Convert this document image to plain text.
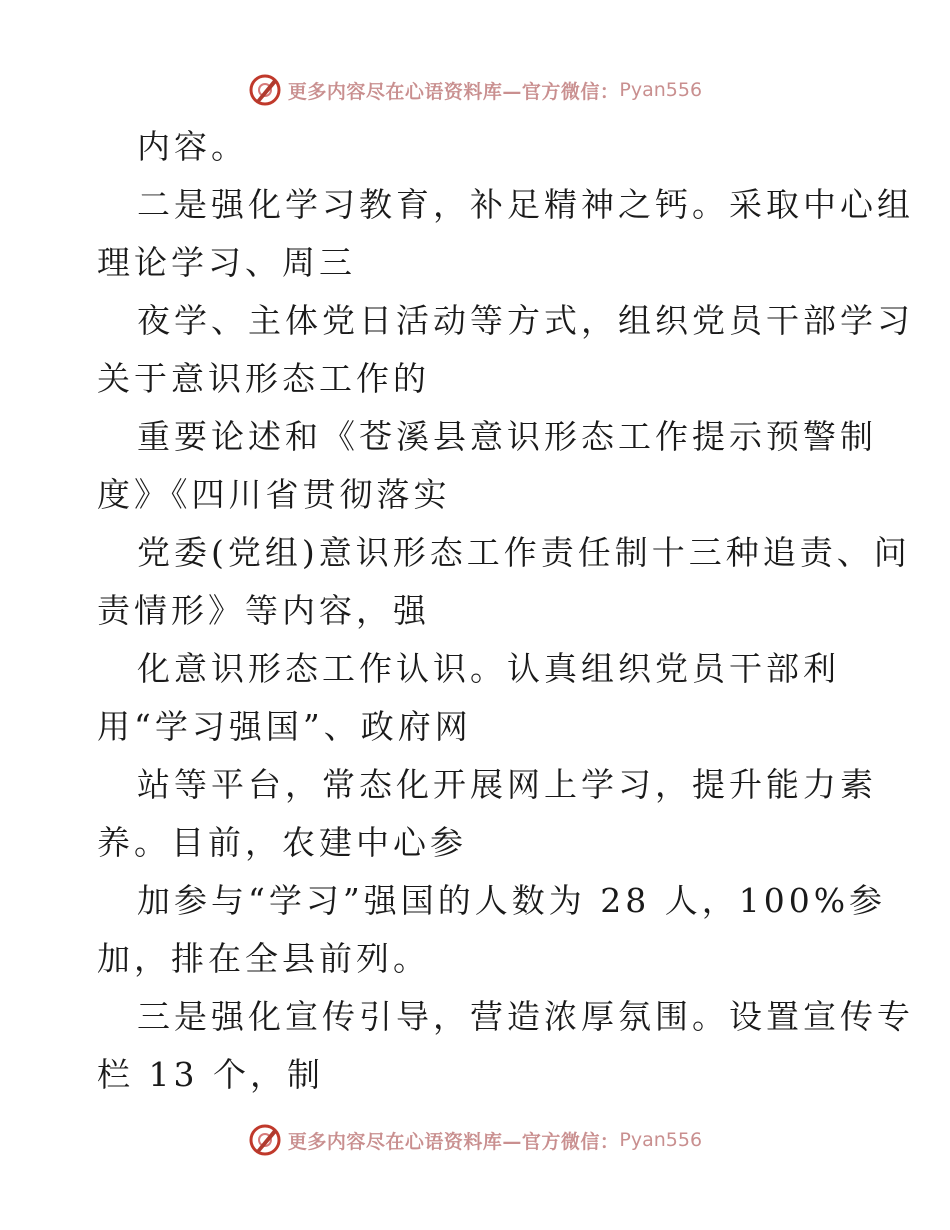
更多内容尽在心语资料库—官方微信： Pyan556
内容。
二是强化学习教育，补足精神之钙。采取中心组
理论学习、周三
夜学、主体党日活动等方式，组织党员干部学习
关于意识形态工作的
重要论述和《苍溪县意识形态工作提示预警制
度》《四川省贯彻落实
党委(党组)意识形态工作责任制十三种追责、问
责情形》等内容，强
化意识形态工作认识。认真组织党员干部利
用“学习强国”、政府网
站等平台，常态化开展网上学习，提升能力素
养。目前，农建中心参
加参与“学习”强国的人数为 28 人，100%参
加，排在全县前列。
三是强化宣传引导，营造浓厚氛围。设置宣传专
栏 13 个，制
更多内容尽在心语资料库—官方微信： Pyan556
